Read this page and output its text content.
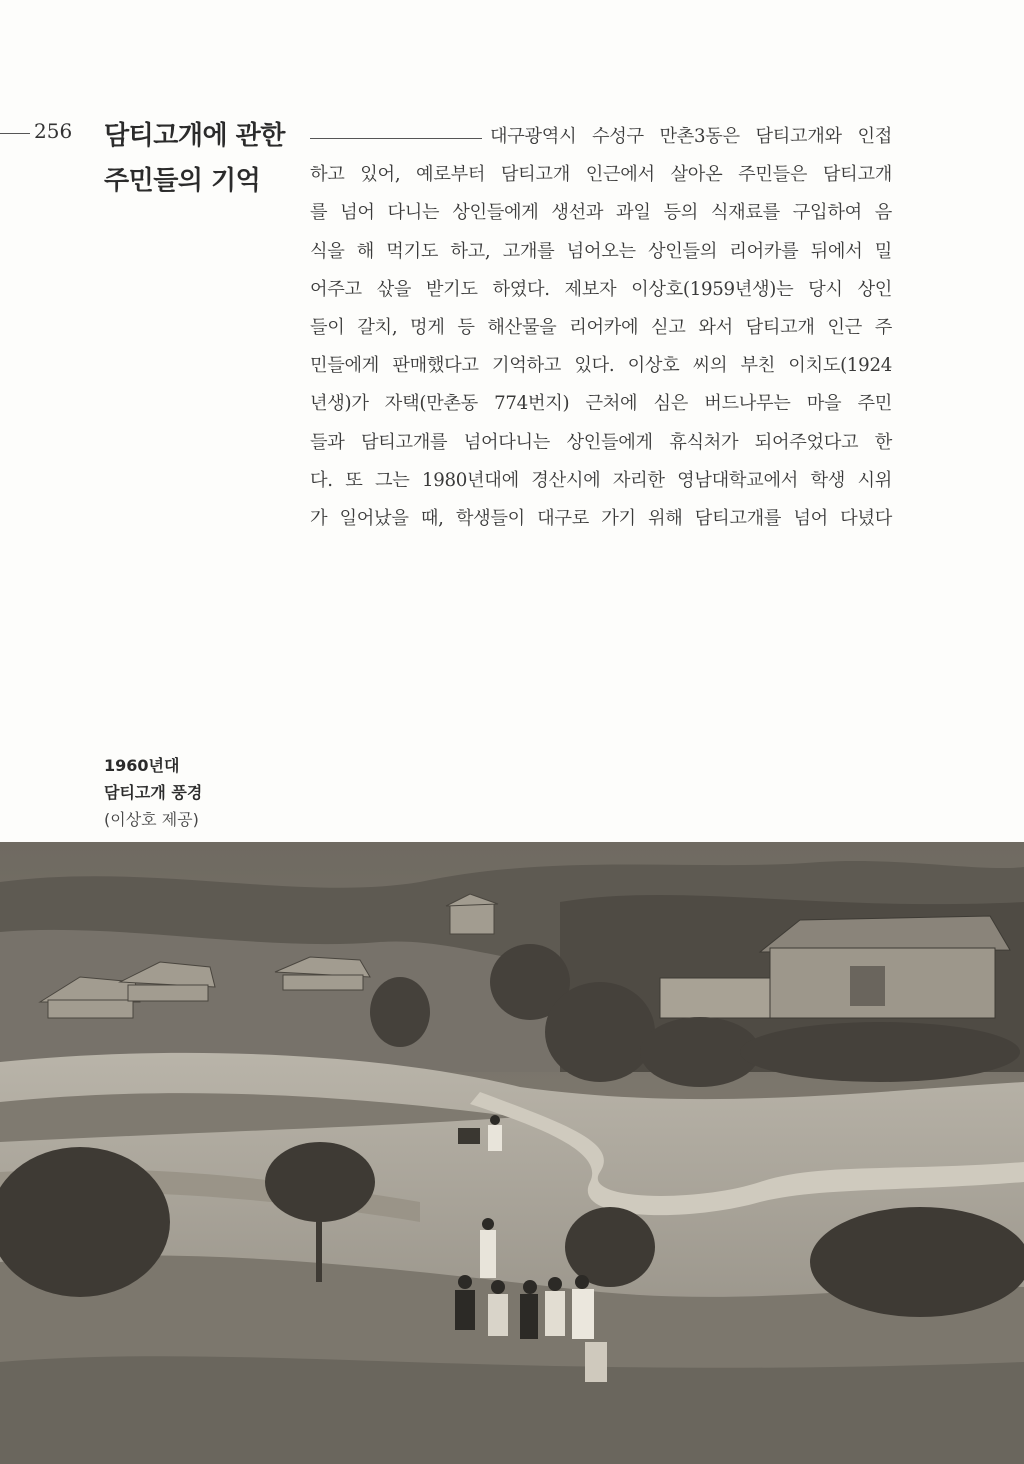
256 담티고개에 관한
주민들의 기억
대구광역시 수성구 만촌3동은 담티고개와 인접
하고 있어, 예로부터 담티고개 인근에서 살아온 주민들은 담티고개
를 넘어 다니는 상인들에게 생선과 과일 등의 식재료를 구입하여 음
식을 해 먹기도 하고, 고개를 넘어오는 상인들의 리어카를 뒤에서 밀
어주고 삯을 받기도 하였다. 제보자 이상호(1959년생)는 당시 상인
들이 갈치, 멍게 등 해산물을 리어카에 싣고 와서 담티고개 인근 주
민들에게 판매했다고 기억하고 있다. 이상호 씨의 부친 이치도(1924
년생)가 자택(만촌동 774번지) 근처에 심은 버드나무는 마을 주민
들과 담티고개를 넘어다니는 상인들에게 휴식처가 되어주었다고 한
다. 또 그는 1980년대에 경산시에 자리한 영남대학교에서 학생 시위
가 일어났을 때, 학생들이 대구로 가기 위해 담티고개를 넘어 다녔다
1960년대
담티고개 풍경
(이상호 제공)
